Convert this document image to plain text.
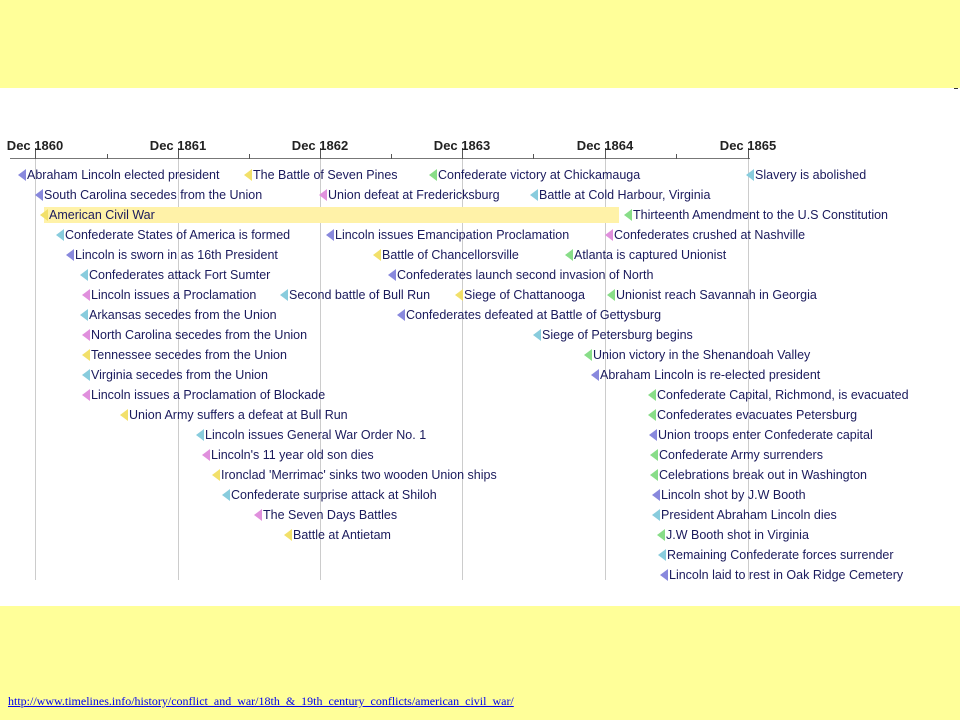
Dec 1860	Dec 1861	Dec 1862	Dec 1863	Dec 1864	Dec 1865
American Civil War
Abraham Lincoln elected president
South Carolina secedes from the Union
Confederate States of America is formed
Lincoln is sworn in as 16th President
Confederates attack Fort Sumter
Lincoln issues a Proclamation
Arkansas secedes from the Union
North Carolina secedes from the Union
Tennessee secedes from the Union
Virginia secedes from the Union
Lincoln issues a Proclamation of Blockade
Union Army suffers a defeat at Bull Run
Lincoln issues General War Order No. 1
Lincoln's 11 year old son dies
Ironclad 'Merrimac' sinks two wooden Union ships
Confederate surprise attack at Shiloh
The Seven Days Battles
Battle at Antietam
The Battle of Seven Pines
Second battle of Bull Run
Union defeat at Fredericksburg
Lincoln issues Emancipation Proclamation
Battle of Chancellorsville
Confederates launch second invasion of North
Confederates defeated at Battle of Gettysburg
Confederate victory at Chickamauga
Siege of Chattanooga
Battle at Cold Harbour, Virginia
Siege of Petersburg begins
Atlanta is captured Unionist
Union victory in the Shenandoah Valley
Unionist reach Savannah in Georgia
Abraham Lincoln is re-elected president
Confederates crushed at Nashville
Thirteenth Amendment to the U.S Constitution
Confederate Capital, Richmond, is evacuated
Confederates evacuates Petersburg
Union troops enter Confederate capital
Confederate Army surrenders
Celebrations break out in Washington
Lincoln shot by J.W Booth
President Abraham Lincoln dies
J.W Booth shot in Virginia
Remaining Confederate forces surrender
Lincoln laid to rest in Oak Ridge Cemetery
Slavery is abolished
http://www.timelines.info/history/conflict_and_war/18th_&_19th_century_conflicts/american_civil_war/
